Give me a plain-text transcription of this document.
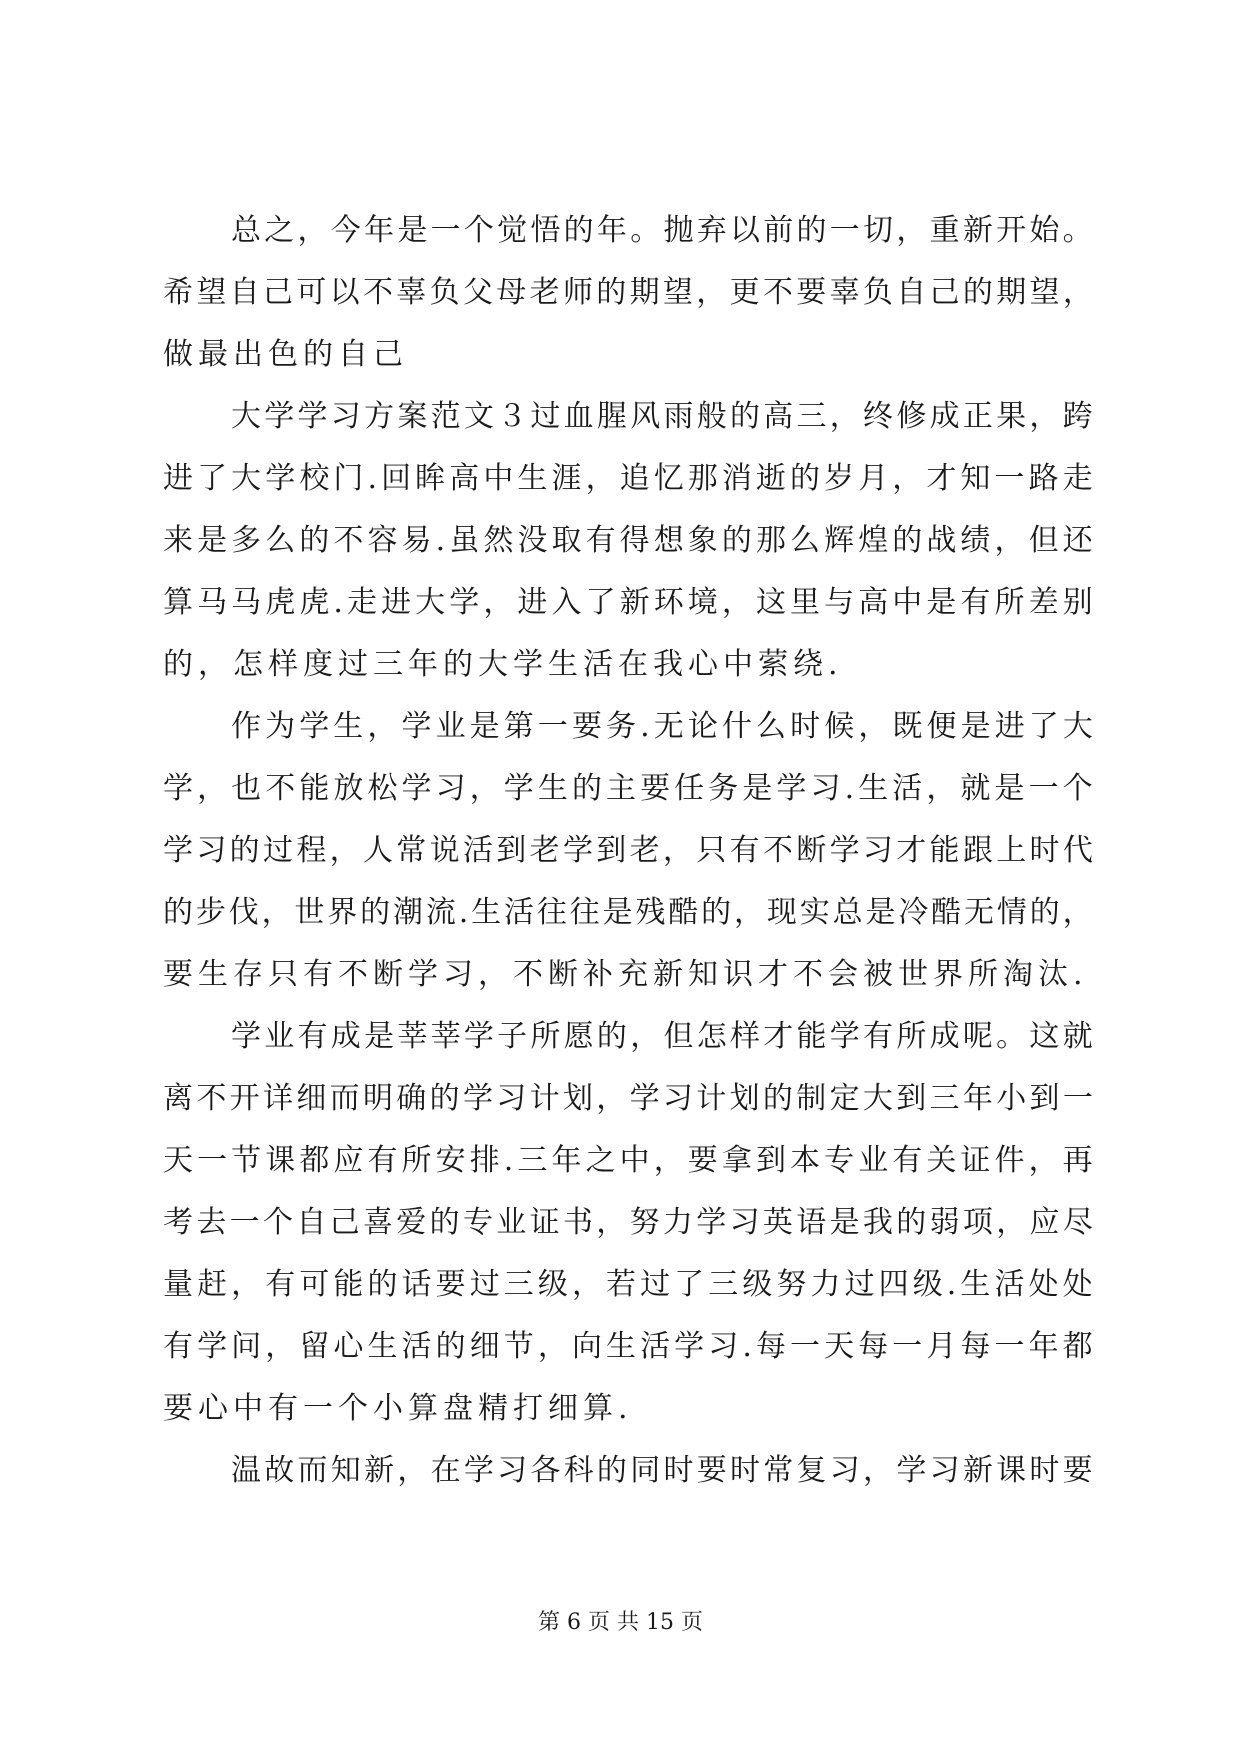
总 之 ， 今 年 是 一 个 觉 悟 的 年 。 抛 弃 以 前 的 一 切 ， 重 新 开 始 。
希 望 自 己 可 以 不 辜 负 父 母 老 师 的 期 望 ， 更 不 要 辜 负 自 己 的 期 望 ，
做最出色的自己
大 学 学 习 方 案 范 文 ３ 过 血 腥 风 雨 般 的 高 三 ， 终 修 成 正 果 ， 跨
进 了 大 学 校 门 . 回 眸 高 中 生 涯 ， 追 忆 那 消 逝 的 岁 月 ， 才 知 一 路 走
来 是 多 么 的 不 容 易 . 虽 然 没 取 有 得 想 象 的 那 么 辉 煌 的 战 绩 ， 但 还
算 马 马 虎 虎 . 走 进 大 学 ， 进 入 了 新 环 境 ， 这 里 与 高 中 是 有 所 差 别
的，怎样度过三年的大学生活在我心中萦绕.
作 为 学 生 ， 学 业 是 第 一 要 务 . 无 论 什 么 时 候 ， 既 便 是 进 了 大
学 ， 也 不 能 放 松 学 习 ， 学 生 的 主 要 任 务 是 学 习 . 生 活 ， 就 是 一 个
学 习 的 过 程 ， 人 常 说 活 到 老 学 到 老 ， 只 有 不 断 学 习 才 能 跟 上 时 代
的 步 伐 ， 世 界 的 潮 流 . 生 活 往 往 是 残 酷 的 ， 现 实 总 是 冷 酷 无 情 的 ，
要生存只有不断学习，不断补充新知识才不会被世界所淘汰.
学 业 有 成 是 莘 莘 学 子 所 愿 的 ， 但 怎 样 才 能 学 有 所 成 呢 。 这 就
离 不 开 详 细 而 明 确 的 学 习 计 划 ， 学 习 计 划 的 制 定 大 到 三 年 小 到 一
天 一 节 课 都 应 有 所 安 排 . 三 年 之 中 ， 要 拿 到 本 专 业 有 关 证 件 ， 再
考 去 一 个 自 己 喜 爱 的 专 业 证 书 ， 努 力 学 习 英 语 是 我 的 弱 项 ， 应 尽
量 赶 ， 有 可 能 的 话 要 过 三 级 ， 若 过 了 三 级 努 力 过 四 级 . 生 活 处 处
有 学 问 ， 留 心 生 活 的 细 节 ， 向 生 活 学 习 . 每 一 天 每 一 月 每 一 年 都
要心中有一个小算盘精打细算.
温 故 而 知 新 ， 在 学 习 各 科 的 同 时 要 时 常 复 习 ， 学 习 新 课 时 要
第 6 页 共 15 页
